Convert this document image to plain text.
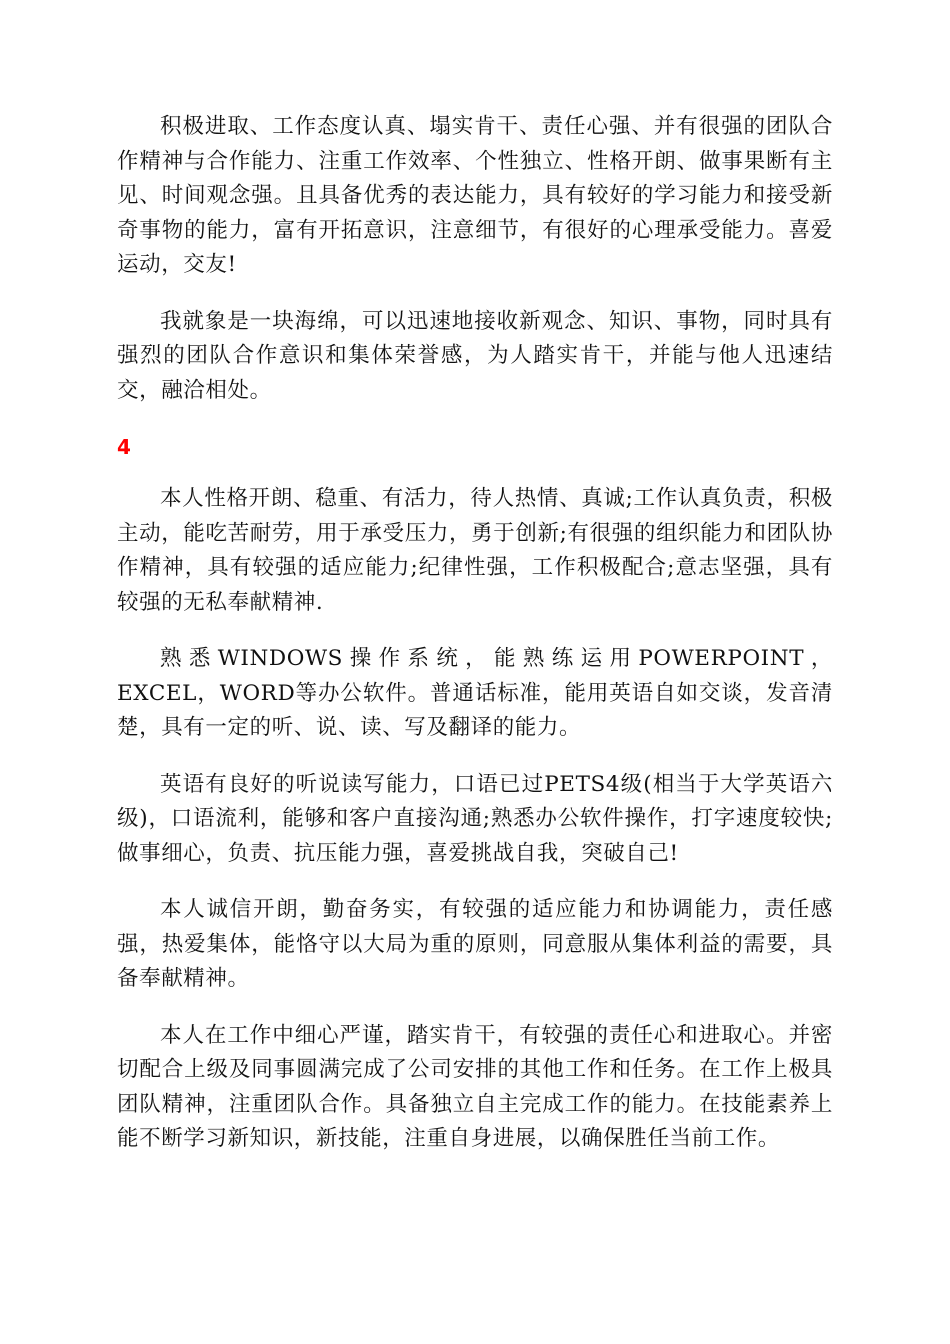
积极进取、工作态度认真、塌实肯干、责任心强、并有很强的团队合作精神与合作能力、注重工作效率、个性独立、性格开朗、做事果断有主见、时间观念强。且具备优秀的表达能力，具有较好的学习能力和接受新奇事物的能力，富有开拓意识，注意细节，有很好的心理承受能力。喜爱运动，交友!

我就象是一块海绵，可以迅速地接收新观念、知识、事物，同时具有强烈的团队合作意识和集体荣誉感，为人踏实肯干，并能与他人迅速结交，融洽相处。

4

本人性格开朗、稳重、有活力，待人热情、真诚;工作认真负责，积极主动，能吃苦耐劳，用于承受压力，勇于创新;有很强的组织能力和团队协作精神，具有较强的适应能力;纪律性强，工作积极配合;意志坚强，具有较强的无私奉献精神.

熟悉WINDOWS操作系统，能熟练运用POWERPOINT，EXCEL，WORD等办公软件。普通话标准，能用英语自如交谈，发音清楚，具有一定的听、说、读、写及翻译的能力。

英语有良好的听说读写能力，口语已过PETS4级(相当于大学英语六级)，口语流利，能够和客户直接沟通;熟悉办公软件操作，打字速度较快;做事细心，负责、抗压能力强，喜爱挑战自我，突破自己!

本人诚信开朗，勤奋务实，有较强的适应能力和协调能力，责任感强，热爱集体，能恪守以大局为重的原则，同意服从集体利益的需要，具备奉献精神。

本人在工作中细心严谨，踏实肯干，有较强的责任心和进取心。并密切配合上级及同事圆满完成了公司安排的其他工作和任务。在工作上极具团队精神，注重团队合作。具备独立自主完成工作的能力。在技能素养上能不断学习新知识，新技能，注重自身进展，以确保胜任当前工作。
